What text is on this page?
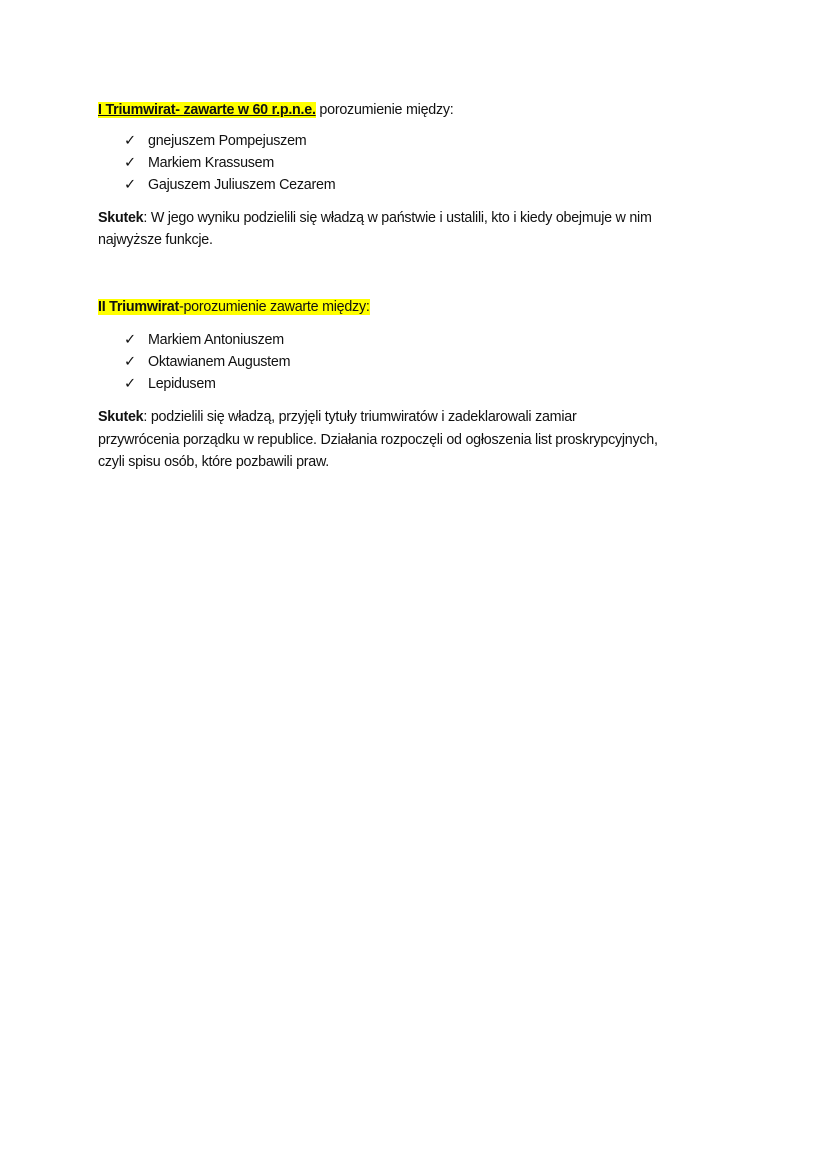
I Triumwirat- zawarte w 60 r.p.n.e. porozumienie między:
✓ gnejuszem Pompejuszem
✓ Markiem Krassusem
✓ Gajuszem Juliuszem Cezarem
Skutek: W jego wyniku podzielili się władzą w państwie i ustalili, kto i kiedy obejmuje w nim
najwyższe funkcje.
II Triumwirat-porozumienie zawarte między:
✓ Markiem Antoniuszem
✓ Oktawianem Augustem
✓ Lepidusem
Skutek: podzielili się władzą, przyjęli tytuły triumwiratów i zadeklarowali zamiar
przywrócenia porządku w republice. Działania rozpoczęli od ogłoszenia list proskrypcyjnych,
czyli spisu osób, które pozbawili praw.
